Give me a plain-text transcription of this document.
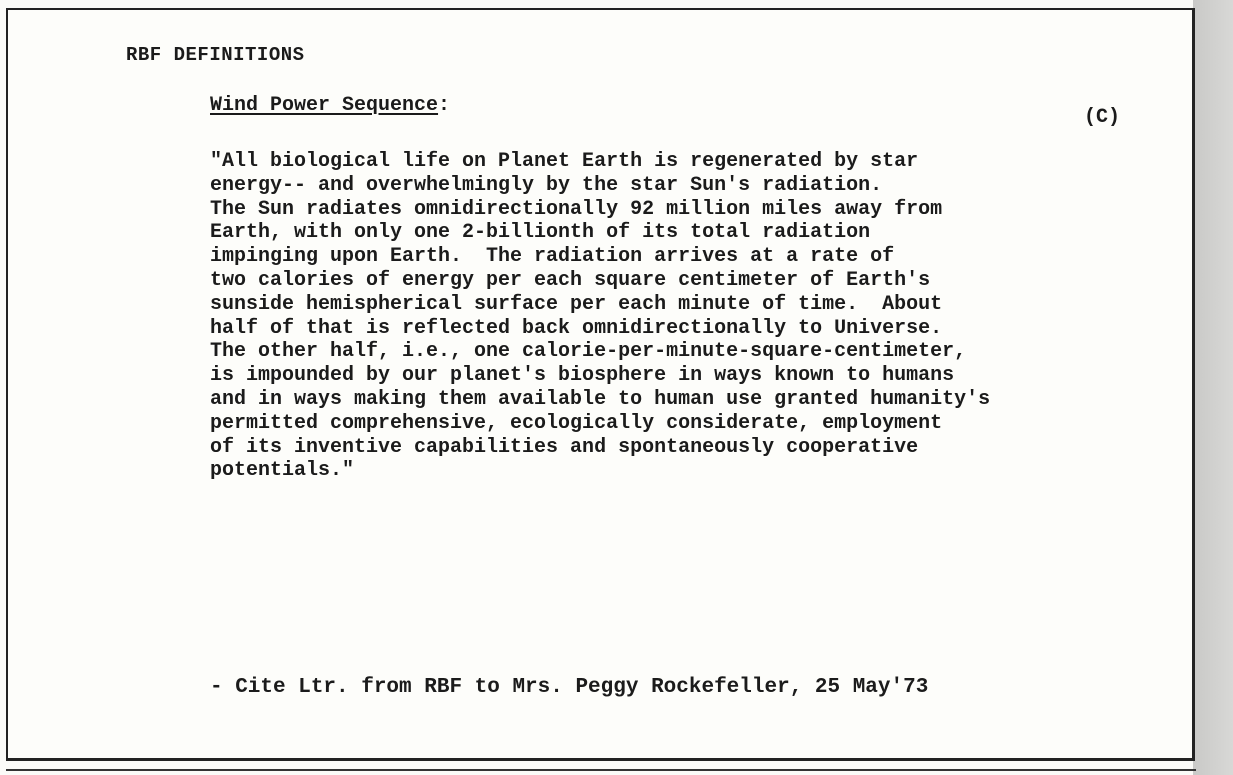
RBF DEFINITIONS
Wind Power Sequence:
(C)
"All biological life on Planet Earth is regenerated by star
energy-- and overwhelmingly by the star Sun's radiation.
The Sun radiates omnidirectionally 92 million miles away from
Earth, with only one 2-billionth of its total radiation
impinging upon Earth.  The radiation arrives at a rate of
two calories of energy per each square centimeter of Earth's
sunside hemispherical surface per each minute of time.  About
half of that is reflected back omnidirectionally to Universe.
The other half, i.e., one calorie-per-minute-square-centimeter,
is impounded by our planet's biosphere in ways known to humans
and in ways making them available to human use granted humanity's
permitted comprehensive, ecologically considerate, employment
of its inventive capabilities and spontaneously cooperative
potentials."
- Cite Ltr. from RBF to Mrs. Peggy Rockefeller, 25 May'73
